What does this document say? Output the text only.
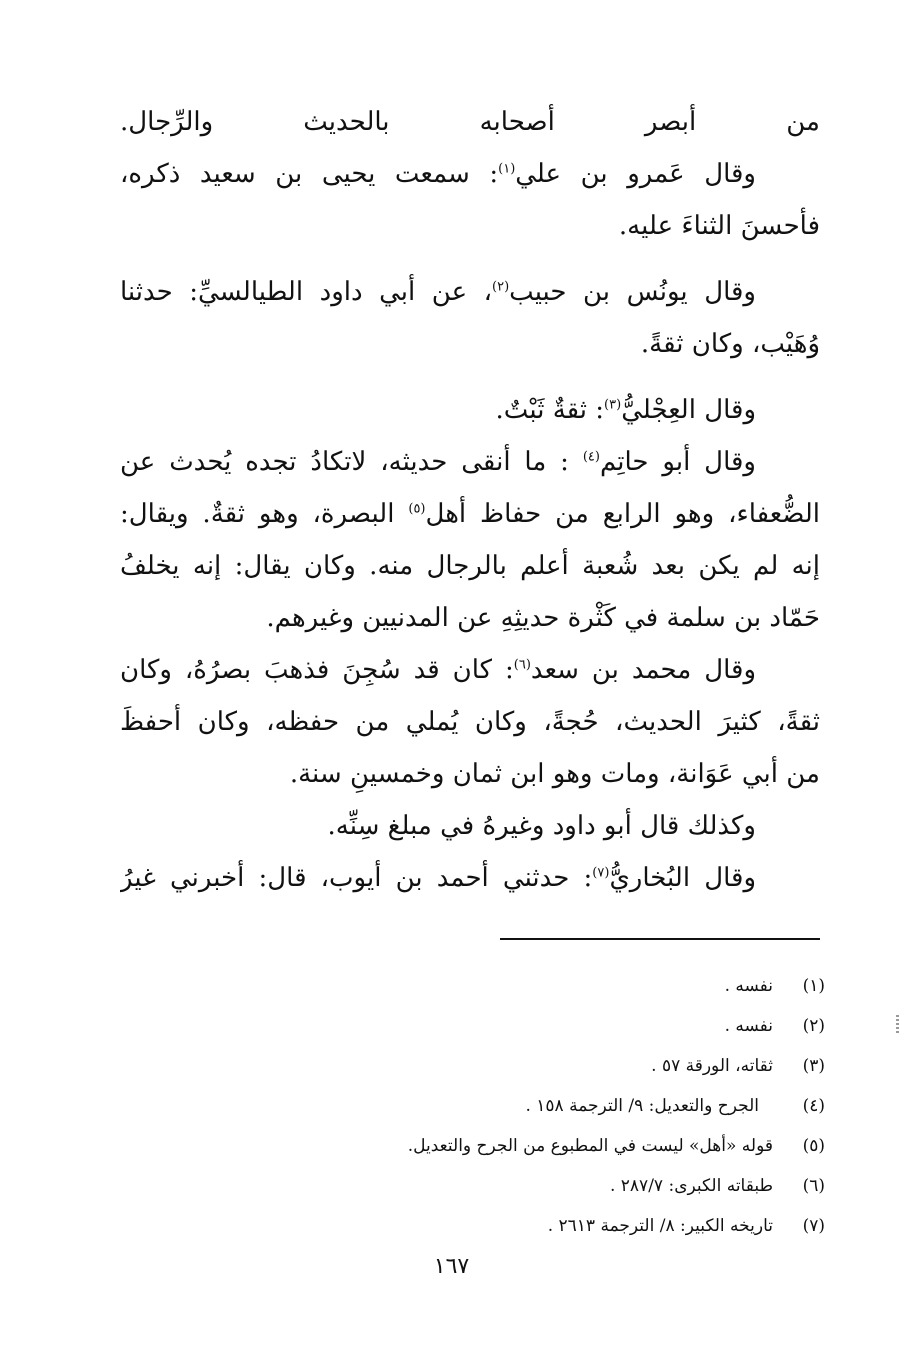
من أبصر أصحابه بالحديث والرِّجال.
وقال عَمرو بن علي$^{(١)}$: سمعت يحيى بن سعيد ذكره،
فأحسنَ الثناءَ عليه.
وقال يونُس بن حبيب$^{(٢)}$، عن أبي داود الطيالسيِّ: حدثنا
وُهَيْب، وكان ثقةً.
وقال العِجْليُّ$^{(٣)}$: ثقةٌ ثَبْتٌ.
وقال أبو حاتِم$^{(٤)}$ : ما أنقى حديثه، لاتكادُ تجده يُحدث عن
الضُّعفاء، وهو الرابع من حفاظ أهل$^{(٥)}$ البصرة، وهو ثقةٌ. ويقال:
إنه لم يكن بعد شُعبة أعلم بالرجال منه. وكان يقال: إنه يخلفُ
حَمّاد بن سلمة في كَثْرة حديثِهِ عن المدنيين وغيرهم.
وقال محمد بن سعد$^{(٦)}$: كان قد سُجِنَ فذهبَ بصرُهُ، وكان
ثقةً، كثيرَ الحديث، حُجةً، وكان يُملي من حفظه، وكان أحفظَ
من أبي عَوَانة، ومات وهو ابن ثمان وخمسينِ سنة.
وكذلك قال أبو داود وغيرهُ في مبلغ سِنِّه.
وقال البُخاريُّ$^{(٧)}$: حدثني أحمد بن أيوب، قال: أخبرني غيرُ
(١)
نفسه .
(٢)
نفسه .
(٣)
ثقاته، الورقة ٥٧ .
(٤)
الجرح والتعديل: ٩/ الترجمة ١٥٨ .
(٥)
قوله «أهل» ليست في المطبوع من الجرح والتعديل.
(٦)
طبقاته الكبرى: ٢٨٧/٧ .
(٧)
تاريخه الكبير: ٨/ الترجمة ٢٦١٣ .
١٦٧
